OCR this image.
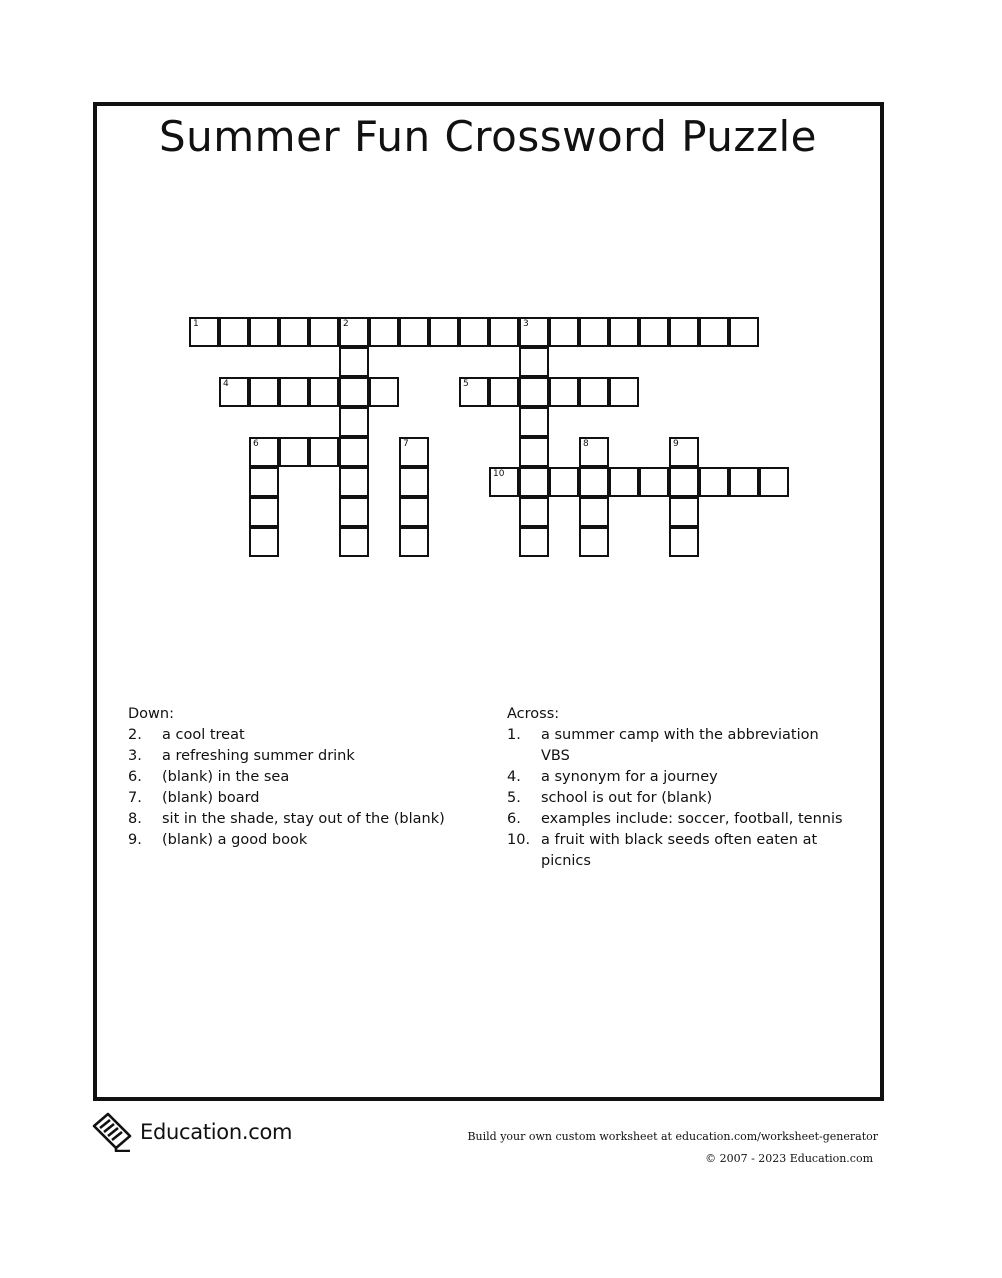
Summer Fun Crossword Puzzle
1	2	3
4
6	7
5
8	9
10
Down:
2.	a cool treat
3.	a refreshing summer drink
6.	(blank) in the sea
7.	(blank) board
8.	sit in the shade, stay out of the (blank)
9.	(blank) a good book
Across:
1.	a summer camp with the abbreviation VBS
4.	a synonym for a journey
5.	school is out for (blank)
6.	examples include: soccer, football, tennis
10. a fruit with black seeds often eaten at picnics
Education.com	Build your own custom worksheet at education.com/worksheet-generator
© 2007 - 2023 Education.com
